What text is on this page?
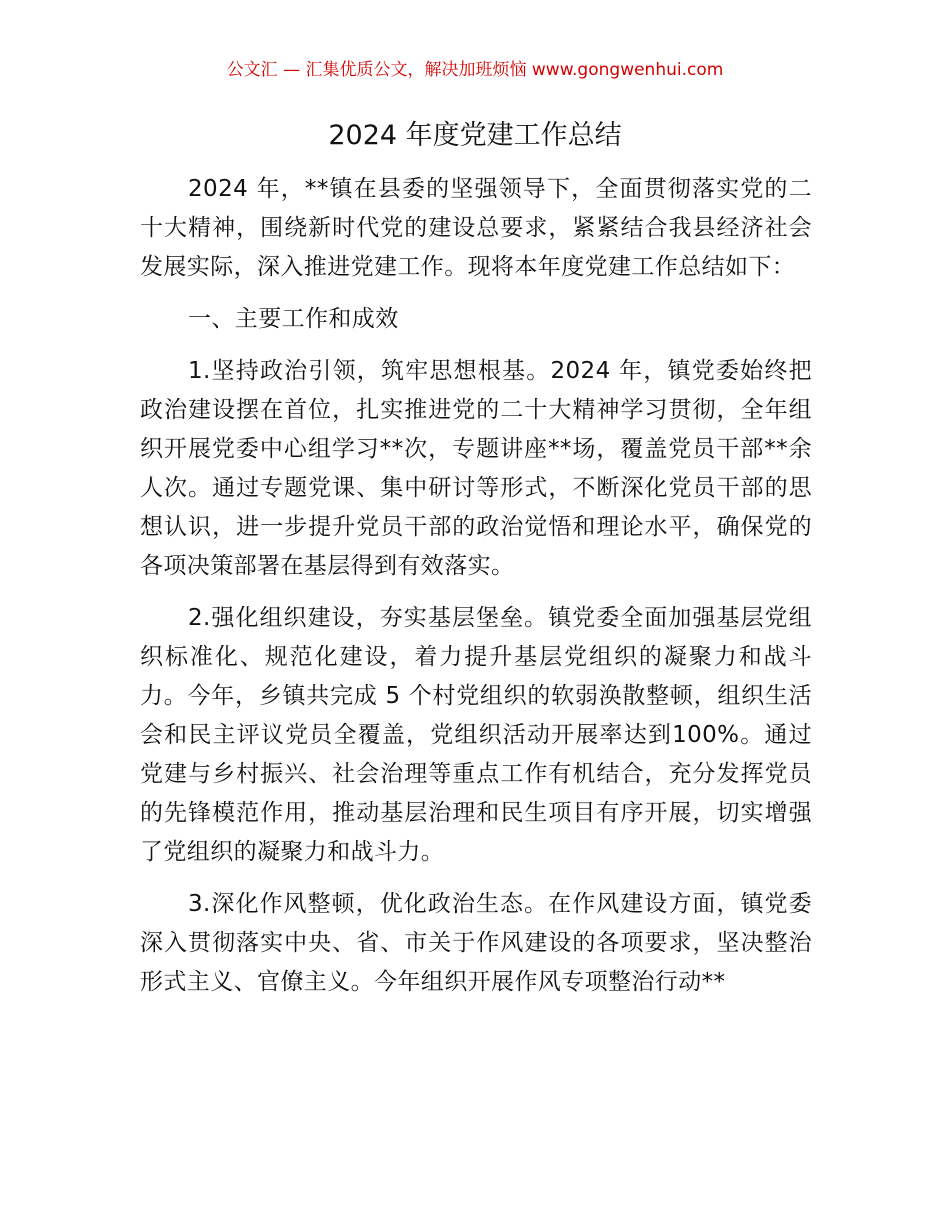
公文汇 — 汇集优质公文，解决加班烦恼 www.gongwenhui.com
2024 年度党建工作总结

2024 年，**镇在县委的坚强领导下，全面贯彻落实党的二十大精神，围绕新时代党的建设总要求，紧紧结合我县经济社会发展实际，深入推进党建工作。现将本年度党建工作总结如下：

一、主要工作和成效

1.坚持政治引领，筑牢思想根基。2024 年，镇党委始终把政治建设摆在首位，扎实推进党的二十大精神学习贯彻，全年组织开展党委中心组学习**次，专题讲座**场，覆盖党员干部**余人次。通过专题党课、集中研讨等形式，不断深化党员干部的思想认识，进一步提升党员干部的政治觉悟和理论水平，确保党的各项决策部署在基层得到有效落实。

2.强化组织建设，夯实基层堡垒。镇党委全面加强基层党组织标准化、规范化建设，着力提升基层党组织的凝聚力和战斗力。今年，乡镇共完成 5 个村党组织的软弱涣散整顿，组织生活会和民主评议党员全覆盖，党组织活动开展率达到100%。通过党建与乡村振兴、社会治理等重点工作有机结合，充分发挥党员的先锋模范作用，推动基层治理和民生项目有序开展，切实增强了党组织的凝聚力和战斗力。

3.深化作风整顿，优化政治生态。在作风建设方面，镇党委深入贯彻落实中央、省、市关于作风建设的各项要求，坚决整治形式主义、官僚主义。今年组织开展作风专项整治行动**
